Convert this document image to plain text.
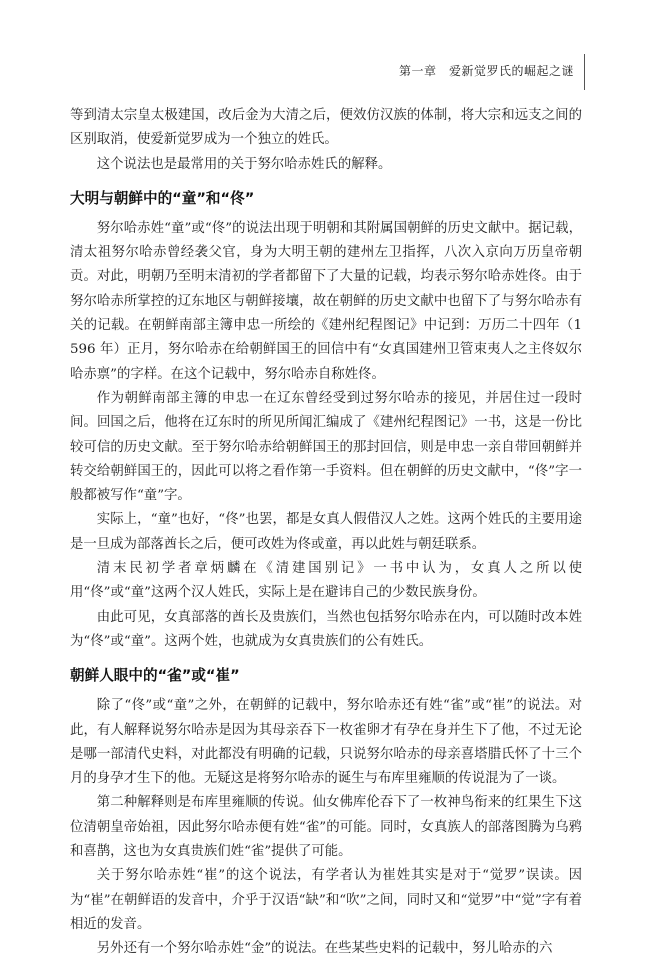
第一章　爱新觉罗氏的崛起之谜

等到清太宗皇太极建国，改后金为大清之后，便效仿汉族的体制，将大宗和远支之间的区别取消，使爱新觉罗成为一个独立的姓氏。

这个说法也是最常用的关于努尔哈赤姓氏的解释。

大明与朝鲜中的“童”和“佟”

努尔哈赤姓“童”或“佟”的说法出现于明朝和其附属国朝鲜的历史文献中。据记载，清太祖努尔哈赤曾经袭父官，身为大明王朝的建州左卫指挥，八次入京向万历皇帝朝贡。对此，明朝乃至明末清初的学者都留下了大量的记载，均表示努尔哈赤姓佟。由于努尔哈赤所掌控的辽东地区与朝鲜接壤，故在朝鲜的历史文献中也留下了与努尔哈赤有关的记载。在朝鲜南部主簿申忠一所绘的《建州纪程图记》中记到：万历二十四年（1596 年）正月，努尔哈赤在给朝鲜国王的回信中有“女真国建州卫管束夷人之主佟奴尔哈赤禀”的字样。在这个记载中，努尔哈赤自称姓佟。

作为朝鲜南部主簿的申忠一在辽东曾经受到过努尔哈赤的接见，并居住过一段时间。回国之后，他将在辽东时的所见所闻汇编成了《建州纪程图记》一书，这是一份比较可信的历史文献。至于努尔哈赤给朝鲜国王的那封回信，则是申忠一亲自带回朝鲜并转交给朝鲜国王的，因此可以将之看作第一手资料。但在朝鲜的历史文献中，“佟”字一般都被写作“童”字。

实际上，“童”也好，“佟”也罢，都是女真人假借汉人之姓。这两个姓氏的主要用途是一旦成为部落酋长之后，便可改姓为佟或童，再以此姓与朝廷联系。

清末民初学者章炳麟在《清建国别记》一书中认为，女真人之所以使用“佟”或“童”这两个汉人姓氏，实际上是在避讳自己的少数民族身份。

由此可见，女真部落的酋长及贵族们，当然也包括努尔哈赤在内，可以随时改本姓为“佟”或“童”。这两个姓，也就成为女真贵族们的公有姓氏。

朝鲜人眼中的“雀”或“崔”

除了“佟”或“童”之外，在朝鲜的记载中，努尔哈赤还有姓“雀”或“崔”的说法。对此，有人解释说努尔哈赤是因为其母亲吞下一枚雀卵才有孕在身并生下了他，不过无论是哪一部清代史料，对此都没有明确的记载，只说努尔哈赤的母亲喜塔腊氏怀了十三个月的身孕才生下的他。无疑这是将努尔哈赤的诞生与布库里雍顺的传说混为了一谈。

第二种解释则是布库里雍顺的传说。仙女佛库伦吞下了一枚神鸟衔来的红果生下这位清朝皇帝始祖，因此努尔哈赤便有姓“雀”的可能。同时，女真族人的部落图腾为乌鸦和喜鹊，这也为女真贵族们姓“雀”提供了可能。

关于努尔哈赤姓“崔”的这个说法，有学者认为崔姓其实是对于“觉罗”误读。因为“崔”在朝鲜语的发音中，介乎于汉语“缺”和“吹”之间，同时又和“觉罗”中“觉”字有着相近的发音。

另外还有一个努尔哈赤姓“金”的说法。在些某些史料的记载中，努儿哈赤的六
